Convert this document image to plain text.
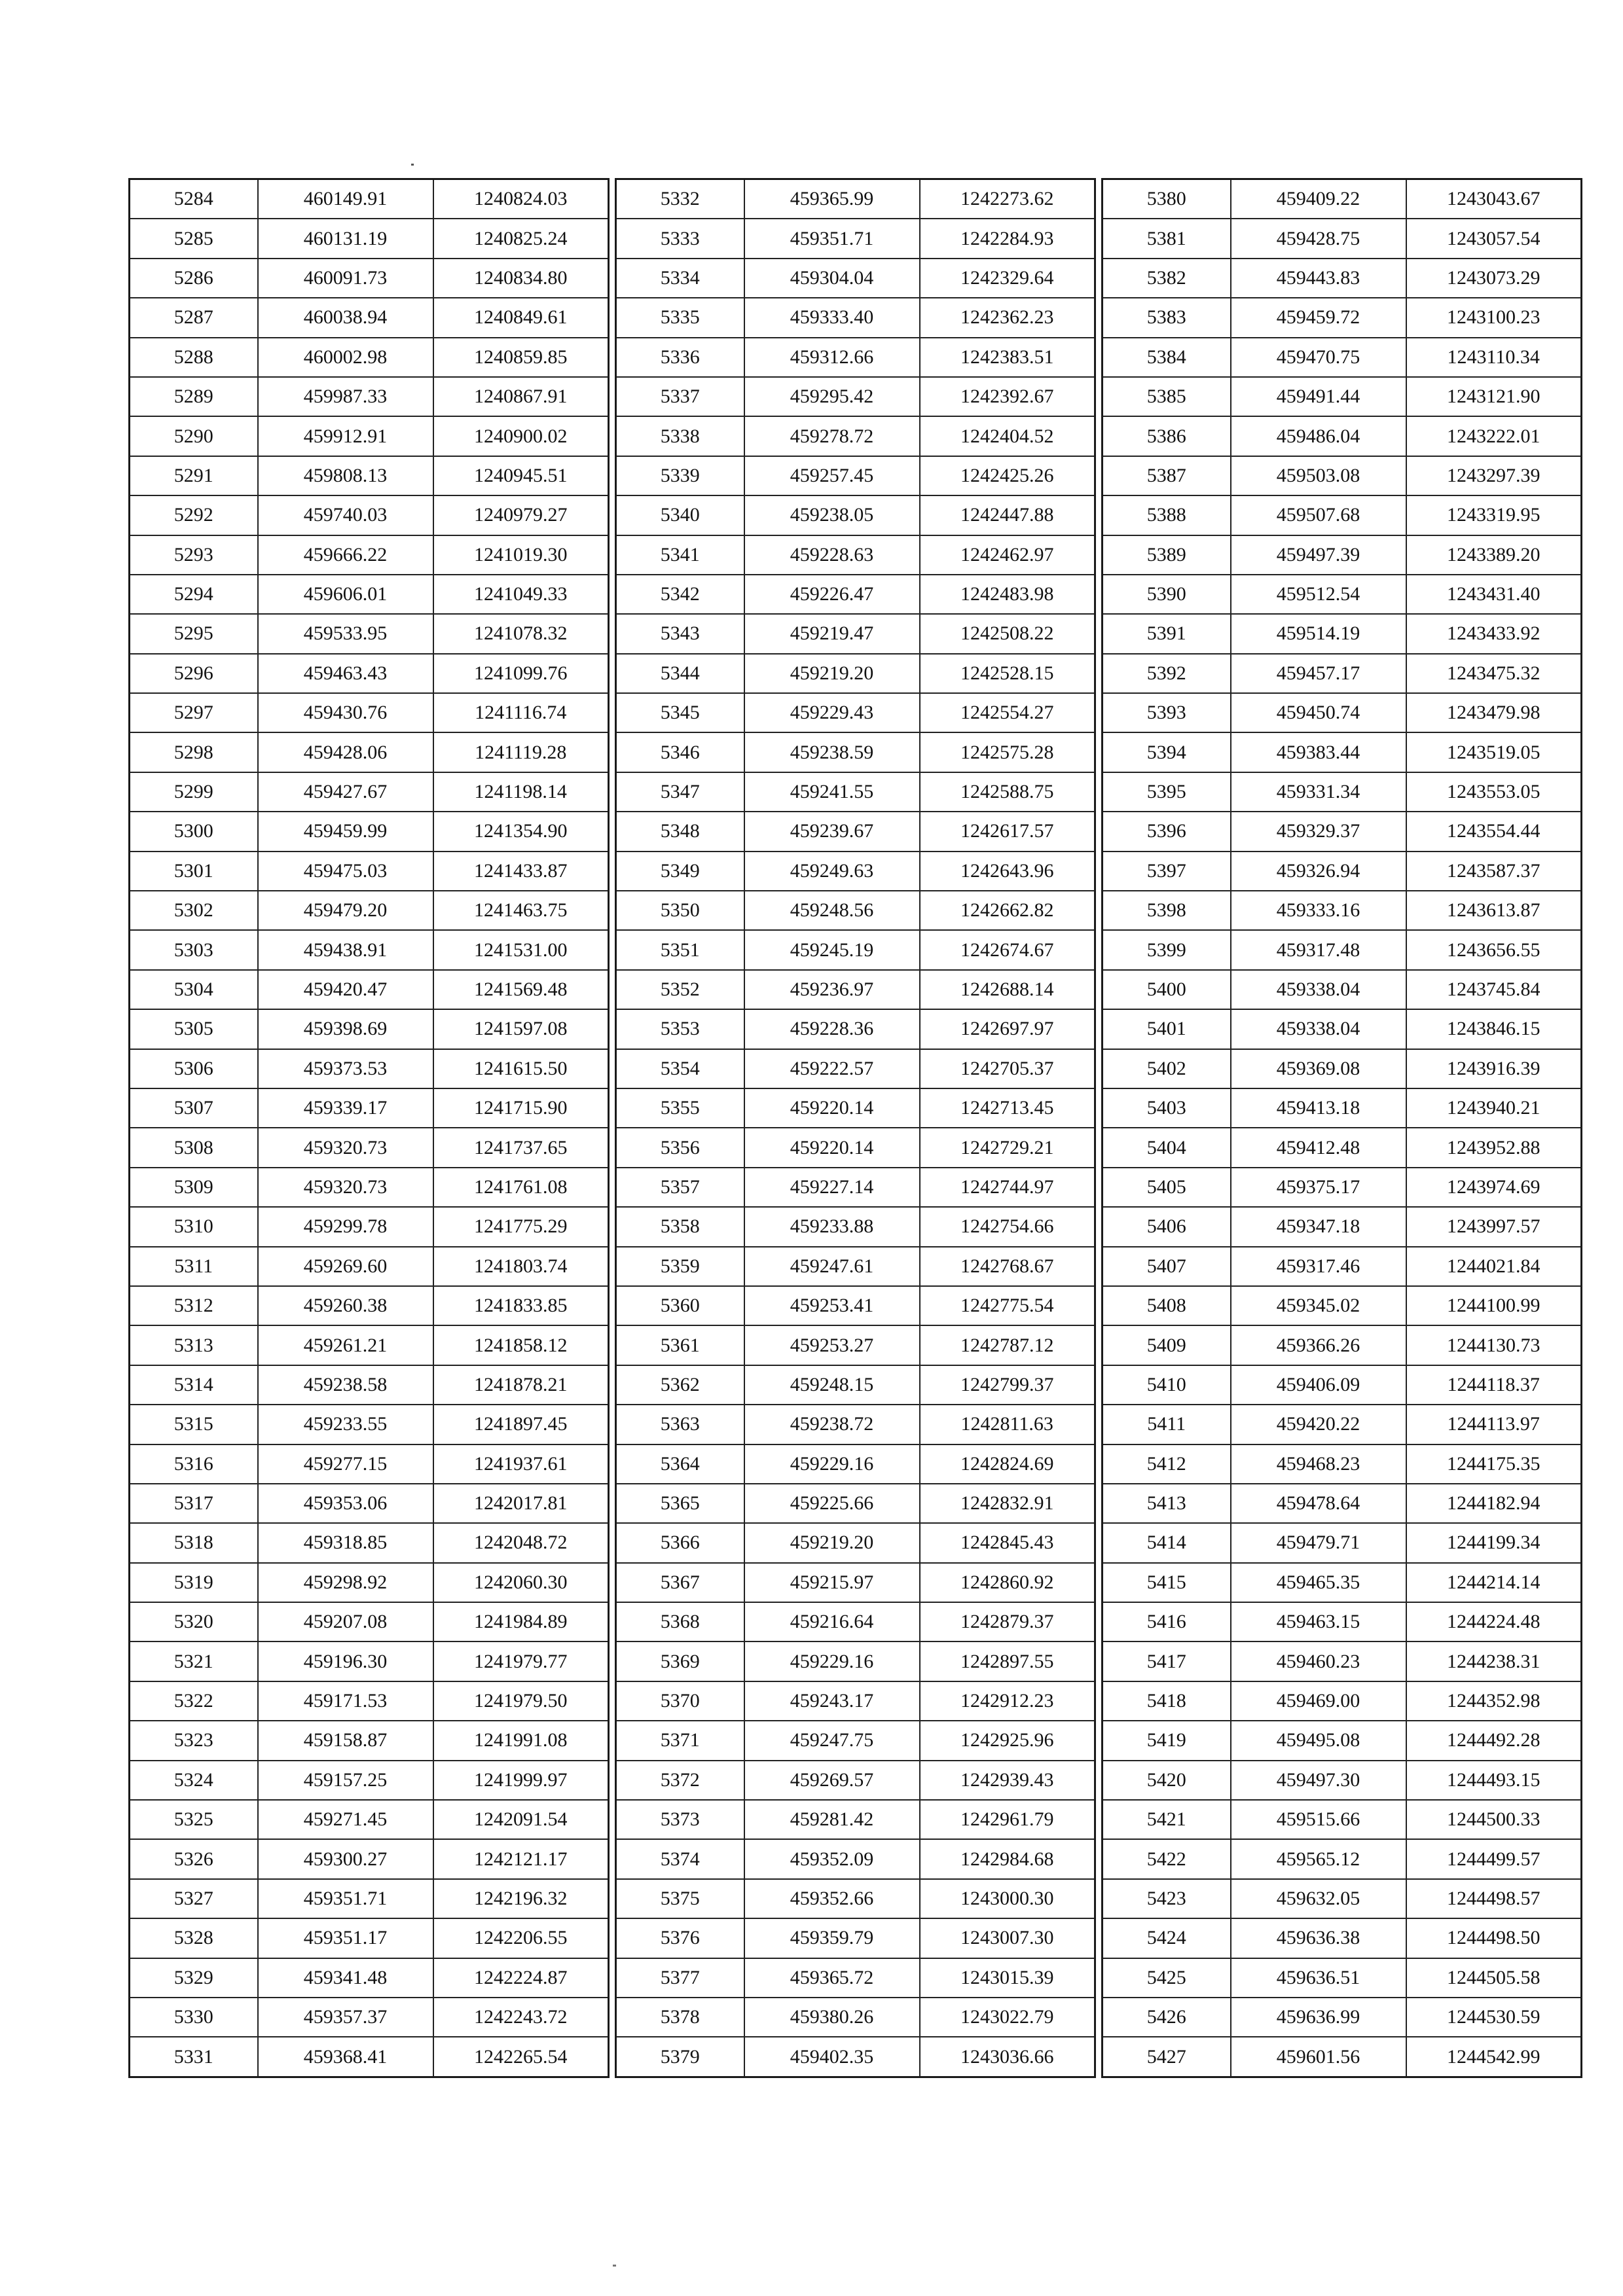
5284	460149.91	1240824.03
5285	460131.19	1240825.24
5286	460091.73	1240834.80
5287	460038.94	1240849.61
5288	460002.98	1240859.85
5289	459987.33	1240867.91
5290	459912.91	1240900.02
5291	459808.13	1240945.51
5292	459740.03	1240979.27
5293	459666.22	1241019.30
5294	459606.01	1241049.33
5295	459533.95	1241078.32
5296	459463.43	1241099.76
5297	459430.76	1241116.74
5298	459428.06	1241119.28
5299	459427.67	1241198.14
5300	459459.99	1241354.90
5301	459475.03	1241433.87
5302	459479.20	1241463.75
5303	459438.91	1241531.00
5304	459420.47	1241569.48
5305	459398.69	1241597.08
5306	459373.53	1241615.50
5307	459339.17	1241715.90
5308	459320.73	1241737.65
5309	459320.73	1241761.08
5310	459299.78	1241775.29
5311	459269.60	1241803.74
5312	459260.38	1241833.85
5313	459261.21	1241858.12
5314	459238.58	1241878.21
5315	459233.55	1241897.45
5316	459277.15	1241937.61
5317	459353.06	1242017.81
5318	459318.85	1242048.72
5319	459298.92	1242060.30
5320	459207.08	1241984.89
5321	459196.30	1241979.77
5322	459171.53	1241979.50
5323	459158.87	1241991.08
5324	459157.25	1241999.97
5325	459271.45	1242091.54
5326	459300.27	1242121.17
5327	459351.71	1242196.32
5328	459351.17	1242206.55
5329	459341.48	1242224.87
5330	459357.37	1242243.72
5331	459368.41	1242265.54
5332	459365.99	1242273.62
5333	459351.71	1242284.93
5334	459304.04	1242329.64
5335	459333.40	1242362.23
5336	459312.66	1242383.51
5337	459295.42	1242392.67
5338	459278.72	1242404.52
5339	459257.45	1242425.26
5340	459238.05	1242447.88
5341	459228.63	1242462.97
5342	459226.47	1242483.98
5343	459219.47	1242508.22
5344	459219.20	1242528.15
5345	459229.43	1242554.27
5346	459238.59	1242575.28
5347	459241.55	1242588.75
5348	459239.67	1242617.57
5349	459249.63	1242643.96
5350	459248.56	1242662.82
5351	459245.19	1242674.67
5352	459236.97	1242688.14
5353	459228.36	1242697.97
5354	459222.57	1242705.37
5355	459220.14	1242713.45
5356	459220.14	1242729.21
5357	459227.14	1242744.97
5358	459233.88	1242754.66
5359	459247.61	1242768.67
5360	459253.41	1242775.54
5361	459253.27	1242787.12
5362	459248.15	1242799.37
5363	459238.72	1242811.63
5364	459229.16	1242824.69
5365	459225.66	1242832.91
5366	459219.20	1242845.43
5367	459215.97	1242860.92
5368	459216.64	1242879.37
5369	459229.16	1242897.55
5370	459243.17	1242912.23
5371	459247.75	1242925.96
5372	459269.57	1242939.43
5373	459281.42	1242961.79
5374	459352.09	1242984.68
5375	459352.66	1243000.30
5376	459359.79	1243007.30
5377	459365.72	1243015.39
5378	459380.26	1243022.79
5379	459402.35	1243036.66
5380	459409.22	1243043.67
5381	459428.75	1243057.54
5382	459443.83	1243073.29
5383	459459.72	1243100.23
5384	459470.75	1243110.34
5385	459491.44	1243121.90
5386	459486.04	1243222.01
5387	459503.08	1243297.39
5388	459507.68	1243319.95
5389	459497.39	1243389.20
5390	459512.54	1243431.40
5391	459514.19	1243433.92
5392	459457.17	1243475.32
5393	459450.74	1243479.98
5394	459383.44	1243519.05
5395	459331.34	1243553.05
5396	459329.37	1243554.44
5397	459326.94	1243587.37
5398	459333.16	1243613.87
5399	459317.48	1243656.55
5400	459338.04	1243745.84
5401	459338.04	1243846.15
5402	459369.08	1243916.39
5403	459413.18	1243940.21
5404	459412.48	1243952.88
5405	459375.17	1243974.69
5406	459347.18	1243997.57
5407	459317.46	1244021.84
5408	459345.02	1244100.99
5409	459366.26	1244130.73
5410	459406.09	1244118.37
5411	459420.22	1244113.97
5412	459468.23	1244175.35
5413	459478.64	1244182.94
5414	459479.71	1244199.34
5415	459465.35	1244214.14
5416	459463.15	1244224.48
5417	459460.23	1244238.31
5418	459469.00	1244352.98
5419	459495.08	1244492.28
5420	459497.30	1244493.15
5421	459515.66	1244500.33
5422	459565.12	1244499.57
5423	459632.05	1244498.57
5424	459636.38	1244498.50
5425	459636.51	1244505.58
5426	459636.99	1244530.59
5427	459601.56	1244542.99
